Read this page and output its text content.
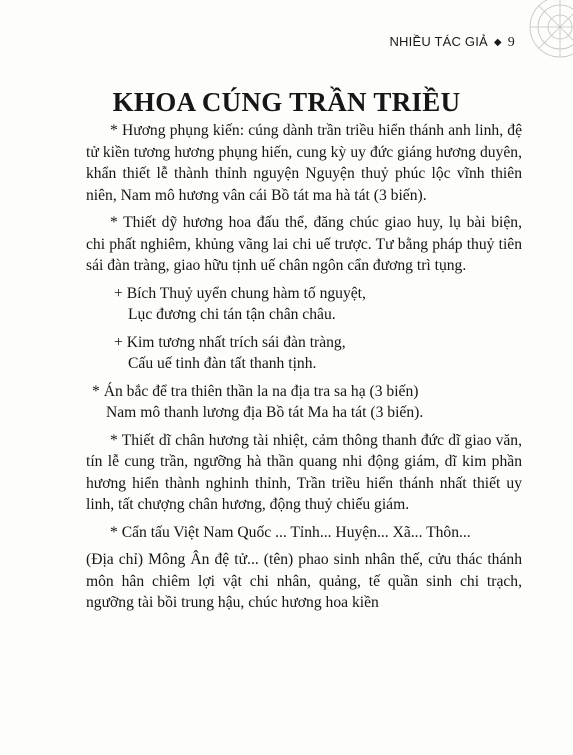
NHIỀU TÁC GIẢ ◆ 9
KHOA CÚNG TRẦN TRIỀU

* Hương phụng kiến: cúng dành trần triều hiển thánh anh linh, đệ tử kiền tương hương phụng hiến, cung kỳ uy đức giáng hương duyên, khẩn thiết lễ thành thỉnh nguyện Nguyện thuỷ phúc lộc vĩnh thiên niên, Nam mô hương vân cái Bồ tát ma hà tát (3 biến).

* Thiết dỹ hương hoa đấu thể, đăng chúc giao huy, lụ bài biện, chi phất nghiêm, khủng vãng lai chi uế trược. Tư bằng pháp thuỷ tiên sái đàn tràng, giao hữu tịnh uế chân ngôn cẩn đương trì tụng.

+ Bích Thuỷ uyển chung hàm tố nguyệt,

Lục đương chi tán tận chân châu.

+ Kim tương nhất trích sái đàn tràng,

Cấu uế tinh đàn tất thanh tịnh.

* Án bắc để tra thiên thần la na địa tra sa hạ (3 biến)

Nam mô thanh lương địa Bồ tát Ma ha tát (3 biến).

* Thiết dĩ chân hương tài nhiệt, cảm thông thanh đức dĩ giao văn, tín lễ cung trần, ngưỡng hà thần quang nhi động giám, dĩ kim phần hương hiển thành nghinh thỉnh, Trần triều hiển thánh nhất thiết uy linh, tất chượng chân hương, động thuỷ chiếu giám.

* Cẩn tấu Việt Nam Quốc ... Tỉnh... Huyện... Xã... Thôn...

(Địa chỉ) Mông Ân đệ tử... (tên) phao sinh nhân thế, cửu thác thánh môn hân chiêm lợi vật chi nhân, quảng, tế quần sinh chi trạch, ngưỡng tài bồi trung hậu, chúc hương hoa kiền
